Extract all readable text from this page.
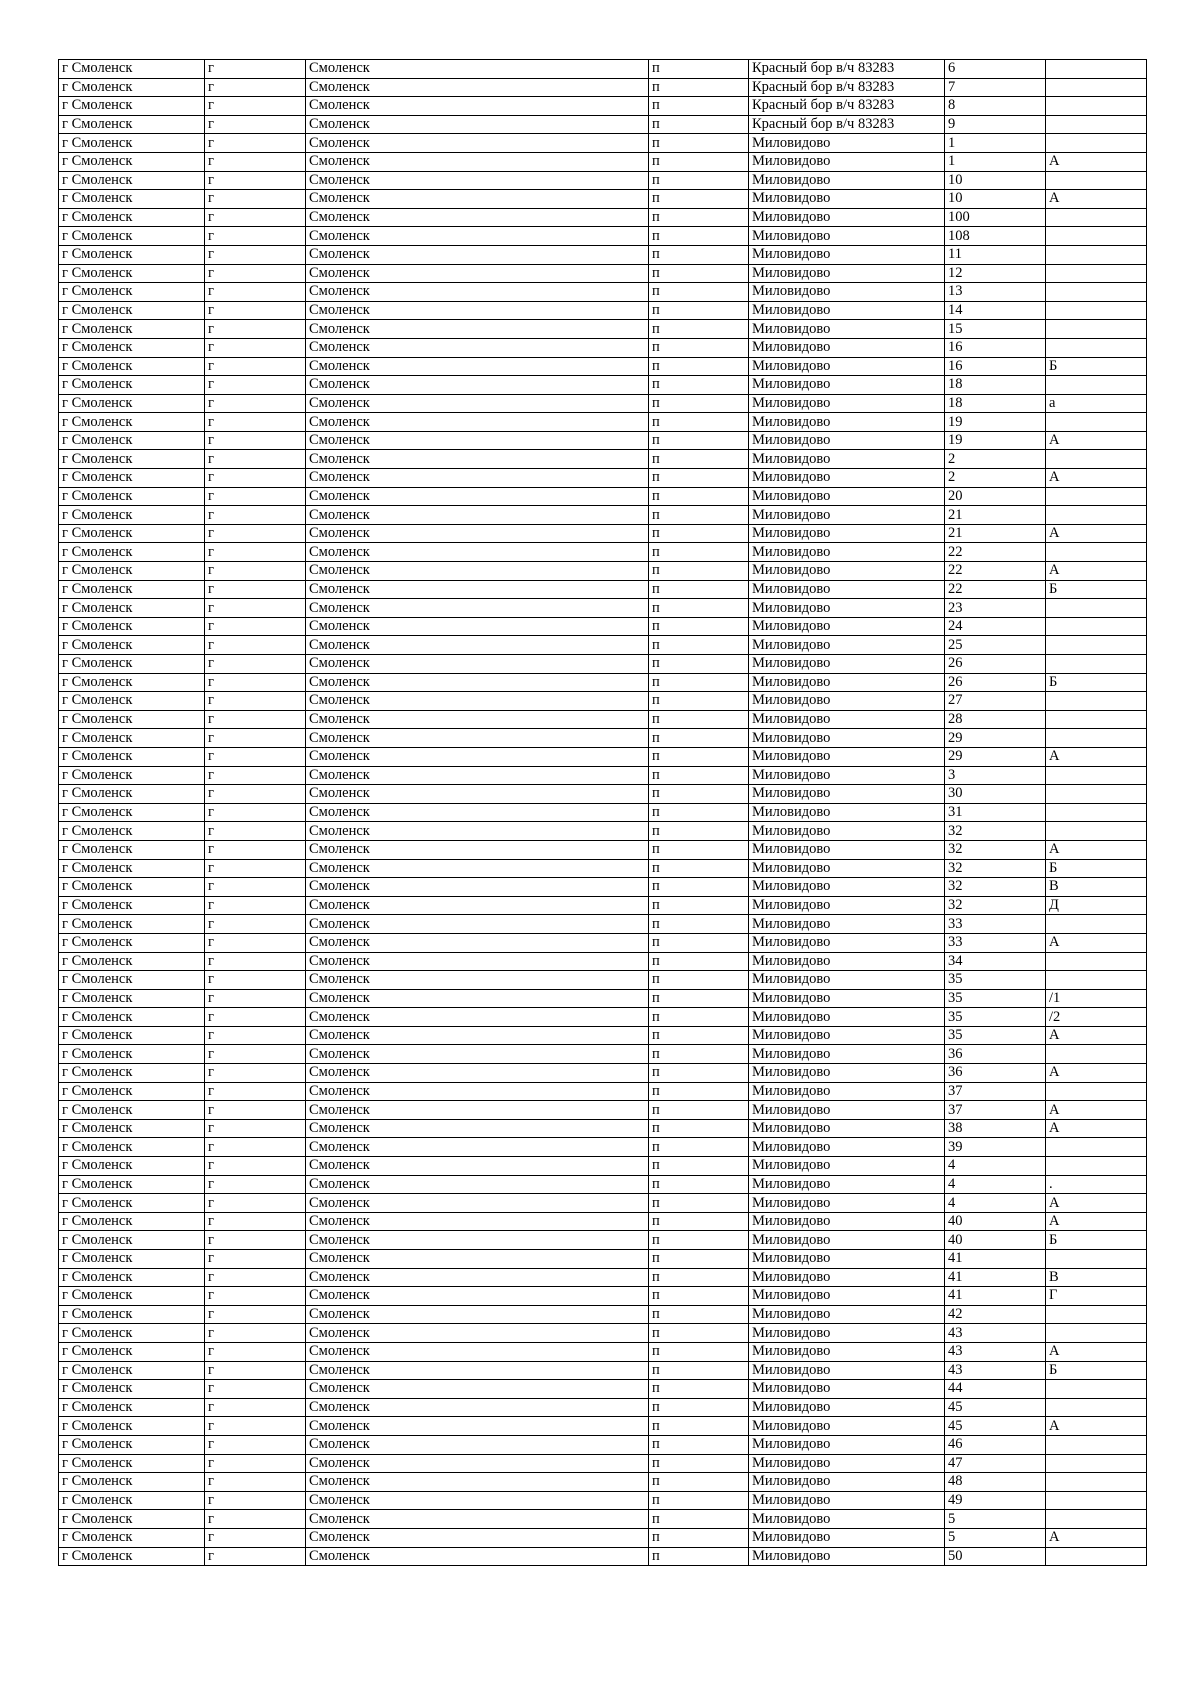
г Смоленск	г	Смоленск	п	Красный бор в/ч 83283	6	
г Смоленск	г	Смоленск	п	Красный бор в/ч 83283	7	
г Смоленск	г	Смоленск	п	Красный бор в/ч 83283	8	
г Смоленск	г	Смоленск	п	Красный бор в/ч 83283	9	
г Смоленск	г	Смоленск	п	Миловидово	1	
г Смоленск	г	Смоленск	п	Миловидово	1	А
г Смоленск	г	Смоленск	п	Миловидово	10	
г Смоленск	г	Смоленск	п	Миловидово	10	А
г Смоленск	г	Смоленск	п	Миловидово	100	
г Смоленск	г	Смоленск	п	Миловидово	108	
г Смоленск	г	Смоленск	п	Миловидово	11	
г Смоленск	г	Смоленск	п	Миловидово	12	
г Смоленск	г	Смоленск	п	Миловидово	13	
г Смоленск	г	Смоленск	п	Миловидово	14	
г Смоленск	г	Смоленск	п	Миловидово	15	
г Смоленск	г	Смоленск	п	Миловидово	16	
г Смоленск	г	Смоленск	п	Миловидово	16	Б
г Смоленск	г	Смоленск	п	Миловидово	18	
г Смоленск	г	Смоленск	п	Миловидово	18	а
г Смоленск	г	Смоленск	п	Миловидово	19	
г Смоленск	г	Смоленск	п	Миловидово	19	А
г Смоленск	г	Смоленск	п	Миловидово	2	
г Смоленск	г	Смоленск	п	Миловидово	2	А
г Смоленск	г	Смоленск	п	Миловидово	20	
г Смоленск	г	Смоленск	п	Миловидово	21	
г Смоленск	г	Смоленск	п	Миловидово	21	А
г Смоленск	г	Смоленск	п	Миловидово	22	
г Смоленск	г	Смоленск	п	Миловидово	22	А
г Смоленск	г	Смоленск	п	Миловидово	22	Б
г Смоленск	г	Смоленск	п	Миловидово	23	
г Смоленск	г	Смоленск	п	Миловидово	24	
г Смоленск	г	Смоленск	п	Миловидово	25	
г Смоленск	г	Смоленск	п	Миловидово	26	
г Смоленск	г	Смоленск	п	Миловидово	26	Б
г Смоленск	г	Смоленск	п	Миловидово	27	
г Смоленск	г	Смоленск	п	Миловидово	28	
г Смоленск	г	Смоленск	п	Миловидово	29	
г Смоленск	г	Смоленск	п	Миловидово	29	А
г Смоленск	г	Смоленск	п	Миловидово	3	
г Смоленск	г	Смоленск	п	Миловидово	30	
г Смоленск	г	Смоленск	п	Миловидово	31	
г Смоленск	г	Смоленск	п	Миловидово	32	
г Смоленск	г	Смоленск	п	Миловидово	32	А
г Смоленск	г	Смоленск	п	Миловидово	32	Б
г Смоленск	г	Смоленск	п	Миловидово	32	В
г Смоленск	г	Смоленск	п	Миловидово	32	Д
г Смоленск	г	Смоленск	п	Миловидово	33	
г Смоленск	г	Смоленск	п	Миловидово	33	А
г Смоленск	г	Смоленск	п	Миловидово	34	
г Смоленск	г	Смоленск	п	Миловидово	35	
г Смоленск	г	Смоленск	п	Миловидово	35	/1
г Смоленск	г	Смоленск	п	Миловидово	35	/2
г Смоленск	г	Смоленск	п	Миловидово	35	А
г Смоленск	г	Смоленск	п	Миловидово	36	
г Смоленск	г	Смоленск	п	Миловидово	36	А
г Смоленск	г	Смоленск	п	Миловидово	37	
г Смоленск	г	Смоленск	п	Миловидово	37	А
г Смоленск	г	Смоленск	п	Миловидово	38	А
г Смоленск	г	Смоленск	п	Миловидово	39	
г Смоленск	г	Смоленск	п	Миловидово	4	
г Смоленск	г	Смоленск	п	Миловидово	4	.
г Смоленск	г	Смоленск	п	Миловидово	4	А
г Смоленск	г	Смоленск	п	Миловидово	40	А
г Смоленск	г	Смоленск	п	Миловидово	40	Б
г Смоленск	г	Смоленск	п	Миловидово	41	
г Смоленск	г	Смоленск	п	Миловидово	41	В
г Смоленск	г	Смоленск	п	Миловидово	41	Г
г Смоленск	г	Смоленск	п	Миловидово	42	
г Смоленск	г	Смоленск	п	Миловидово	43	
г Смоленск	г	Смоленск	п	Миловидово	43	А
г Смоленск	г	Смоленск	п	Миловидово	43	Б
г Смоленск	г	Смоленск	п	Миловидово	44	
г Смоленск	г	Смоленск	п	Миловидово	45	
г Смоленск	г	Смоленск	п	Миловидово	45	А
г Смоленск	г	Смоленск	п	Миловидово	46	
г Смоленск	г	Смоленск	п	Миловидово	47	
г Смоленск	г	Смоленск	п	Миловидово	48	
г Смоленск	г	Смоленск	п	Миловидово	49	
г Смоленск	г	Смоленск	п	Миловидово	5	
г Смоленск	г	Смоленск	п	Миловидово	5	А
г Смоленск	г	Смоленск	п	Миловидово	50	
